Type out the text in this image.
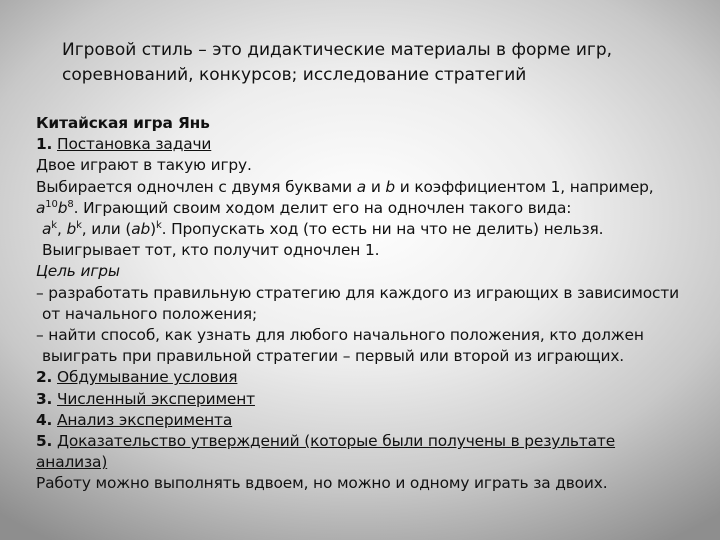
Игровой стиль – это дидактические материалы в форме игр,
соревнований, конкурсов; исследование стратегий
Китайская игра Янь
1. Постановка задачи
Двое играют в такую игру.
Выбирается одночлен с двумя буквами a и b и коэффициентом 1, например,
$a^{10}b^8$. Играющий своим ходом делит его на одночлен такого вида:
$a^k$, $b^k$, или (ab)$^k$. Пропускать ход (то есть ни на что не делить) нельзя.
Выигрывает тот, кто получит одночлен 1.
Цель игры
– разработать правильную стратегию для каждого из играющих в зависимости
от начального положения;
– найти способ, как узнать для любого начального положения, кто должен
выиграть при правильной стратегии – первый или второй из играющих.
2. Обдумывание условия
3. Численный эксперимент
4. Анализ эксперимента
5. Доказательство утверждений (которые были получены в результате
анализа)
Работу можно выполнять вдвоем, но можно и одному играть за двоих.
